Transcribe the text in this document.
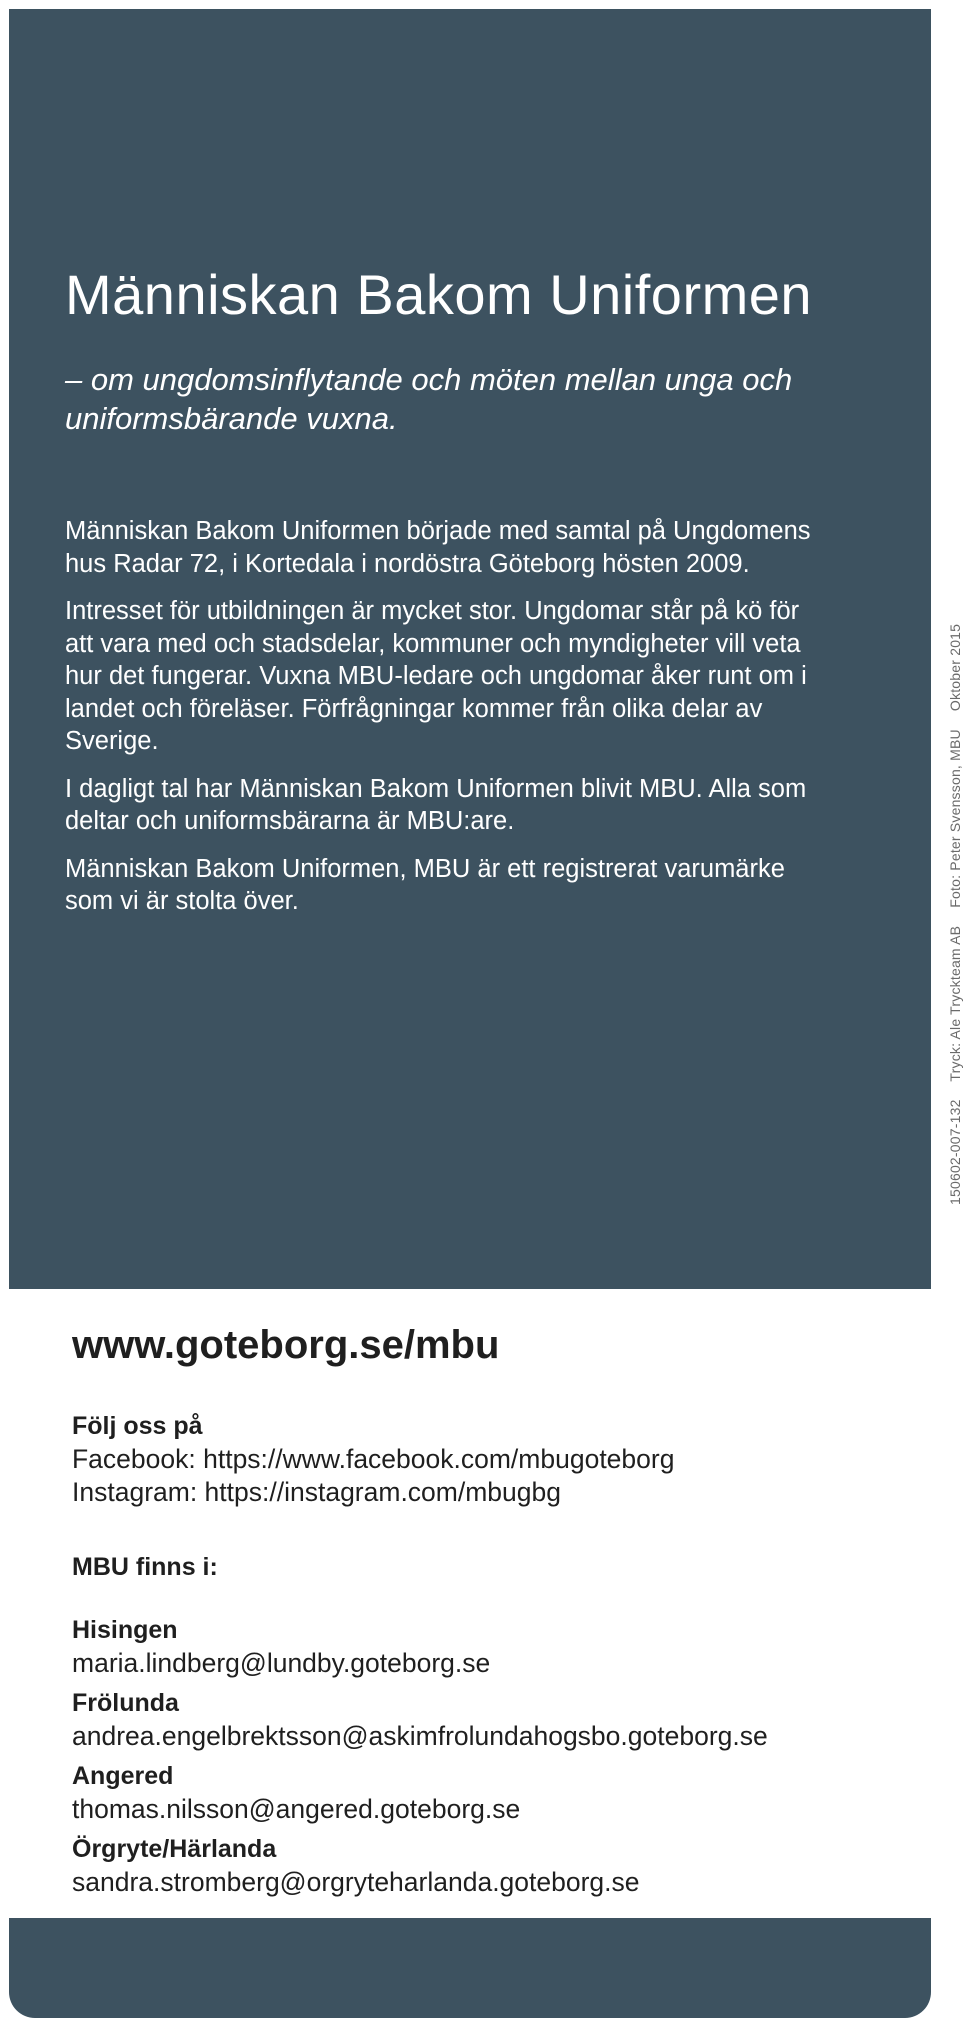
Människan Bakom Uniformen

– om ungdomsinflytande och möten mellan unga och uniformsbärande vuxna.

Människan Bakom Uniformen började med samtal på Ungdomens hus Radar 72, i Kortedala i nordöstra Göteborg hösten 2009.

Intresset för utbildningen är mycket stor. Ungdomar står på kö för att vara med och stadsdelar, kommuner och myndigheter vill veta hur det fungerar. Vuxna MBU-ledare och ungdomar åker runt om i landet och föreläser. Förfrågningar kommer från olika delar av Sverige.

I dagligt tal har Människan Bakom Uniformen blivit MBU. Alla som deltar och uniformsbärarna är MBU:are.

Människan Bakom Uniformen, MBU är ett registrerat varumärke som vi är stolta över.

150602-007-132 Tryck: Ale Tryckteam AB Foto: Peter Svensson, MBU Oktober 2015
www.goteborg.se/mbu
Följ oss på
Facebook: https://www.facebook.com/mbugoteborg
Instagram: https://instagram.com/mbugbg
MBU finns i:
Hisingen
maria.lindberg@lundby.goteborg.se
Frölunda
andrea.engelbrektsson@askimfrolundahogsbo.goteborg.se
Angered
thomas.nilsson@angered.goteborg.se
Örgryte/Härlanda
sandra.stromberg@orgryteharlanda.goteborg.se
